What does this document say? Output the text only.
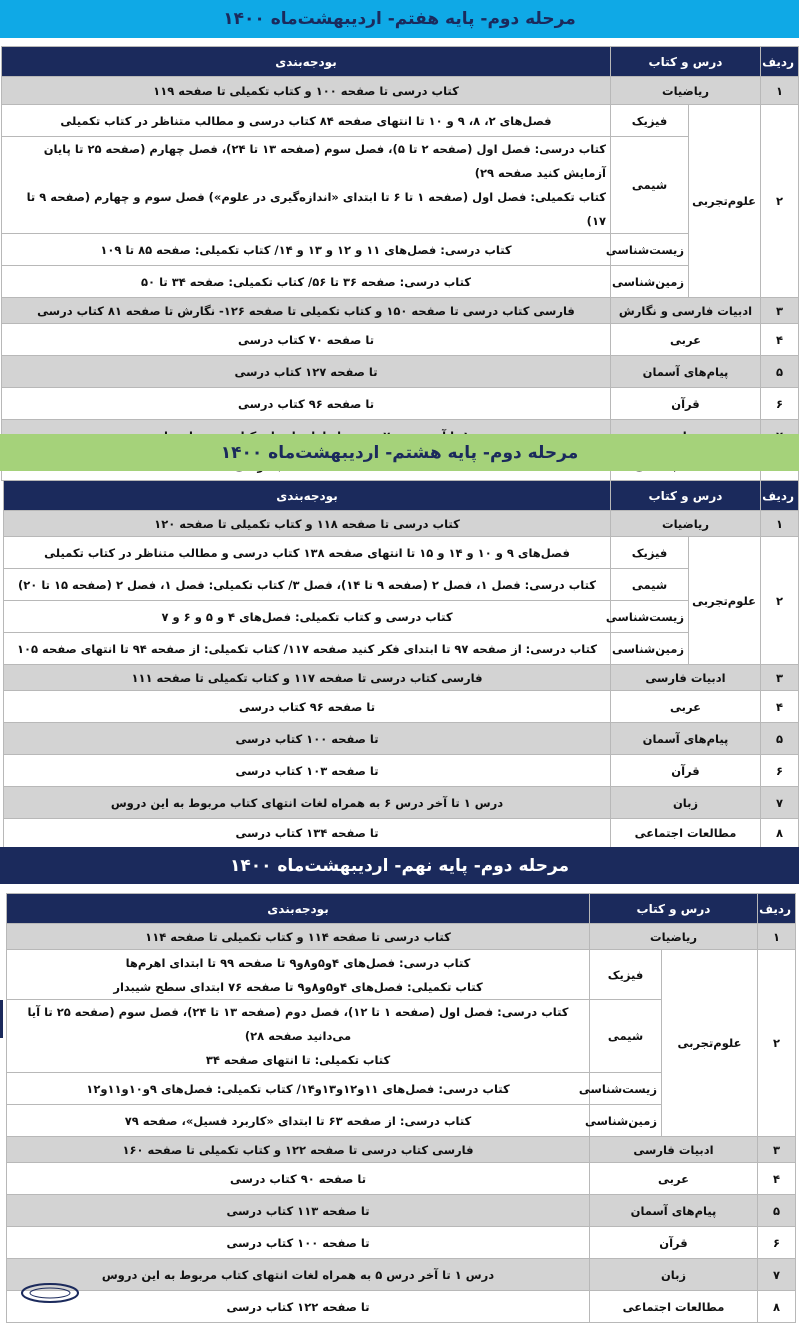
مرحله دوم- پایه هفتم- اردیبهشت‌ماه ۱۴۰۰
ردیف	درس و کتاب		بودجه‌بندی
۱	ریاضیات		کتاب درسی تا صفحه ۱۰۰ و کتاب تکمیلی تا صفحه ۱۱۹
۲	علوم‌تجربی	فیزیک	فصل‌های ۲، ۸، ۹ و ۱۰ تا انتهای صفحه ۸۴ کتاب درسی و مطالب متناظر در کتاب تکمیلی
		شیمی	کتاب درسی: فصل اول (صفحه ۲ تا ۵)، فصل سوم (صفحه ۱۳ تا ۲۴)، فصل چهارم (صفحه ۲۵ تا پایان آزمایش کنید صفحه ۲۹)
کتاب تکمیلی: فصل اول (صفحه ۱ تا ۶ تا ابتدای «اندازه‌گیری در علوم») فصل سوم و چهارم (صفحه ۹ تا ۱۷)

		زیست‌شناسی	کتاب درسی: فصل‌های ۱۱ و ۱۲ و ۱۳ و ۱۴/ کتاب تکمیلی: صفحه ۸۵ تا ۱۰۹
		زمین‌شناسی	کتاب درسی: صفحه ۳۶ تا ۵۶/ کتاب تکمیلی: صفحه ۳۴ تا ۵۰
۳	ادبیات فارسی و نگارش		فارسی کتاب درسی تا صفحه ۱۵۰ و کتاب تکمیلی تا صفحه ۱۲۶- نگارش تا صفحه ۸۱ کتاب درسی
۴	عربی		تا صفحه ۷۰ کتاب درسی
۵	پیام‌های آسمان		تا صفحه ۱۲۷ کتاب درسی
۶	قرآن		تا صفحه ۹۶ کتاب درسی

مرحله دوم- پایه هشتم- اردیبهشت‌ماه ۱۴۰۰
ردیف	درس و کتاب		بودجه‌بندی
۱	ریاضیات		کتاب درسی تا صفحه ۱۱۸ و کتاب تکمیلی تا صفحه ۱۲۰
۲	علوم‌تجربی	فیزیک	فصل‌های ۹ و ۱۰ و ۱۴ و ۱۵ تا انتهای صفحه ۱۳۸ کتاب درسی و مطالب متناظر در کتاب تکمیلی
		شیمی	کتاب درسی: فصل ۱، فصل ۲ (صفحه ۹ تا ۱۴)، فصل ۳/ کتاب تکمیلی: فصل ۱، فصل ۲ (صفحه ۱۵ تا ۲۰)
		زیست‌شناسی	کتاب درسی و کتاب تکمیلی: فصل‌های ۴ و ۵ و ۶ و ۷
		زمین‌شناسی	کتاب درسی: از صفحه ۹۷ تا ابتدای فکر کنید صفحه ۱۱۷/ کتاب تکمیلی: از صفحه ۹۴ تا انتهای صفحه ۱۰۵
۳	ادبیات فارسی		فارسی کتاب درسی تا صفحه ۱۱۷ و کتاب تکمیلی تا صفحه ۱۱۱
۴	عربی		تا صفحه ۹۶ کتاب درسی
۵	پیام‌های آسمان		تا صفحه ۱۰۰ کتاب درسی
۶	قرآن		تا صفحه ۱۰۳ کتاب درسی
۷	زبان		درس ۱ تا آخر درس ۶ به همراه لغات انتهای کتاب مربوط به این دروس
۸	مطالعات اجتماعی		تا صفحه ۱۳۴ کتاب درسی
مرحله دوم- پایه نهم- اردیبهشت‌ماه ۱۴۰۰
ردیف	درس و کتاب		بودجه‌بندی
۱	ریاضیات		کتاب درسی تا صفحه ۱۱۴ و کتاب تکمیلی تا صفحه ۱۱۴
۲	علوم‌تجربی	فیزیک	کتاب درسی: فصل‌های ۴و۵و۸و۹ تا صفحه ۹۹ تا ابتدای اهرم‌ها
کتاب تکمیلی: فصل‌های ۴و۵و۸و۹ تا صفحه ۷۶ ابتدای سطح شیبدار

		شیمی	کتاب درسی: فصل اول (صفحه ۱ تا ۱۲)، فصل دوم (صفحه ۱۳ تا ۲۴)، فصل سوم (صفحه ۲۵ تا آیا می‌دانید صفحه ۲۸)
کتاب تکمیلی: تا انتهای صفحه ۳۴

		زیست‌شناسی	کتاب درسی: فصل‌های ۱۱و۱۲و۱۳و۱۴/ کتاب تکمیلی: فصل‌های ۹و۱۰و۱۱و۱۲
		زمین‌شناسی	کتاب درسی: از صفحه ۶۳ تا ابتدای «کاربرد فسیل»، صفحه ۷۹
۳	ادبیات فارسی		فارسی کتاب درسی تا صفحه ۱۲۲ و کتاب تکمیلی تا صفحه ۱۶۰
۴	عربی		تا صفحه ۹۰ کتاب درسی
۵	پیام‌های آسمان		تا صفحه ۱۱۳ کتاب درسی
۶	قرآن		تا صفحه ۱۰۰ کتاب درسی
۷	زبان		درس ۱ تا آخر درس ۵ به همراه لغات انتهای کتاب مربوط به این دروس
۸	مطالعات اجتماعی		تا صفحه ۱۲۲ کتاب درسی
